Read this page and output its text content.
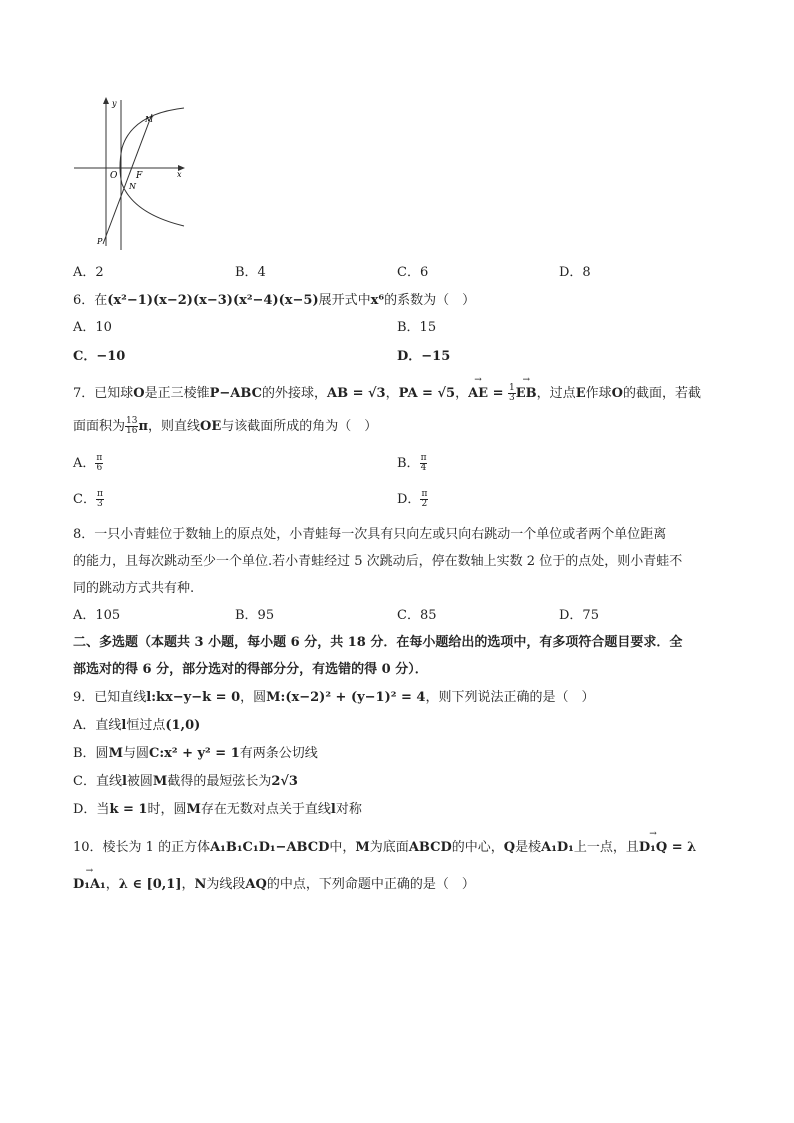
y
x
O F
N
M
P
A．2	B．4	C．6	D．8
6．在(x²−1)(x−2)(x−3)(x²−4)(x−5)展开式中x⁶的系数为（　）
A．10	B．15
C．−10	D．−15
7．已知球O是正三棱锥P−ABC的外接球，AB = √3，PA = √5，→ AE = $\frac{1}{3}$ → EB，过点E作球O的截面，若截
面面积为 $\frac{13}{16}$ π，则直线OE与该截面所成的角为（　）
A． $\frac{\pi}{6}$	B． $\frac{\pi}{4}$
C． $\frac{\pi}{3}$	D． $\frac{\pi}{2}$
8．一只小青蛙位于数轴上的原点处，小青蛙每一次具有只向左或只向右跳动一个单位或者两个单位距离
的能力，且每次跳动至少一个单位.若小青蛙经过 5 次跳动后，停在数轴上实数 2 位于的点处，则小青蛙不
同的跳动方式共有种.
A．105	B．95	C．85	D．75
二、多选题（本题共 3 小题，每小题 6 分，共 18 分．在每小题给出的选项中，有多项符合题目要求．全
部选对的得 6 分，部分选对的得部分分，有选错的得 0 分）．
9．已知直线l:kx−y−k = 0，圆M:(x−2)² + (y−1)² = 4，则下列说法正确的是（　）
A．直线l恒过点(1,0)
B．圆M与圆C:x² + y² = 1有两条公切线
C．直线l被圆M截得的最短弦长为2√3
D．当k = 1时，圆M存在无数对点关于直线l对称
10．棱长为 1 的正方体A₁B₁C₁D₁−ABCD中，M为底面ABCD的中心，Q是棱A₁D₁上一点，且→ D₁Q = λ
→ D₁A₁，λ ∈ [0,1]，N为线段AQ的中点，下列命题中正确的是（　）
